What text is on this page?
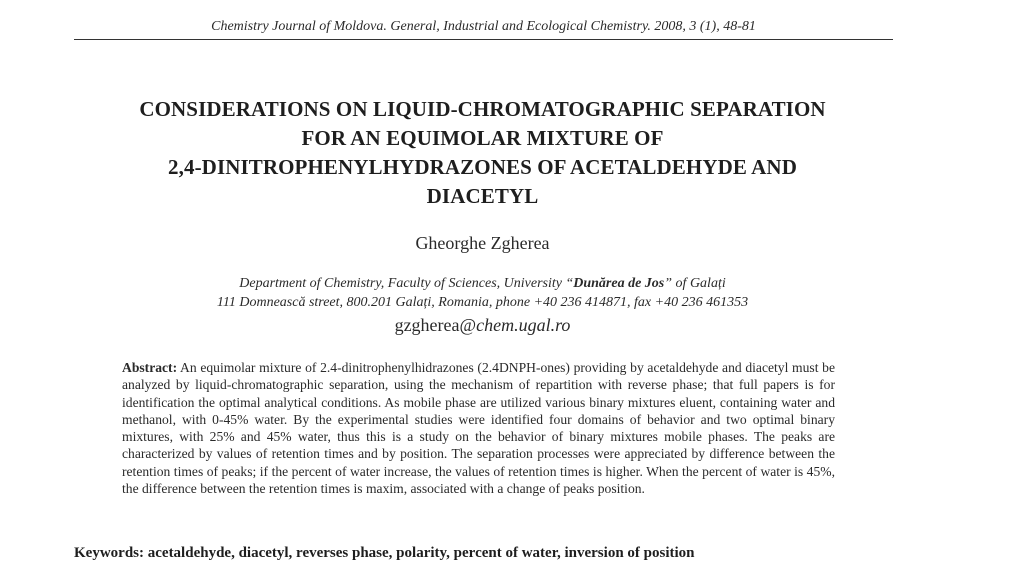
Chemistry Journal of Moldova. General, Industrial and Ecological Chemistry. 2008, 3 (1), 48-81
CONSIDERATIONS ON LIQUID-CHROMATOGRAPHIC SEPARATION
FOR AN EQUIMOLAR MIXTURE OF
2,4-DINITROPHENYLHYDRAZONES OF ACETALDEHYDE AND
DIACETYL
Gheorghe Zgherea
Department of Chemistry, Faculty of Sciences, University “Dunărea de Jos” of Galați
111 Domnească street, 800.201 Galați, Romania, phone +40 236 414871, fax +40 236 461353
gzgherea@chem.ugal.ro
Abstract: An equimolar mixture of 2.4-dinitrophenylhidrazones (2.4DNPH-ones) providing by acetaldehyde and diacetyl must be analyzed by liquid-chromatographic separation, using the mechanism of repartition with reverse phase; that full papers is for identification the optimal analytical conditions. As mobile phase are utilized various binary mixtures eluent, containing water and methanol, with 0-45% water. By the experimental studies were identified four domains of behavior and two optimal binary mixtures, with 25% and 45% water, thus this is a study on the behavior of binary mixtures mobile phases. The peaks are characterized by values of retention times and by position. The separation processes were appreciated by difference between the retention times of peaks; if the percent of water increase, the values of retention times is higher. When the percent of water is 45%, the difference between the retention times is maxim, associated with a change of peaks position.
Keywords: acetaldehyde, diacetyl, reverses phase, polarity, percent of water, inversion of position
